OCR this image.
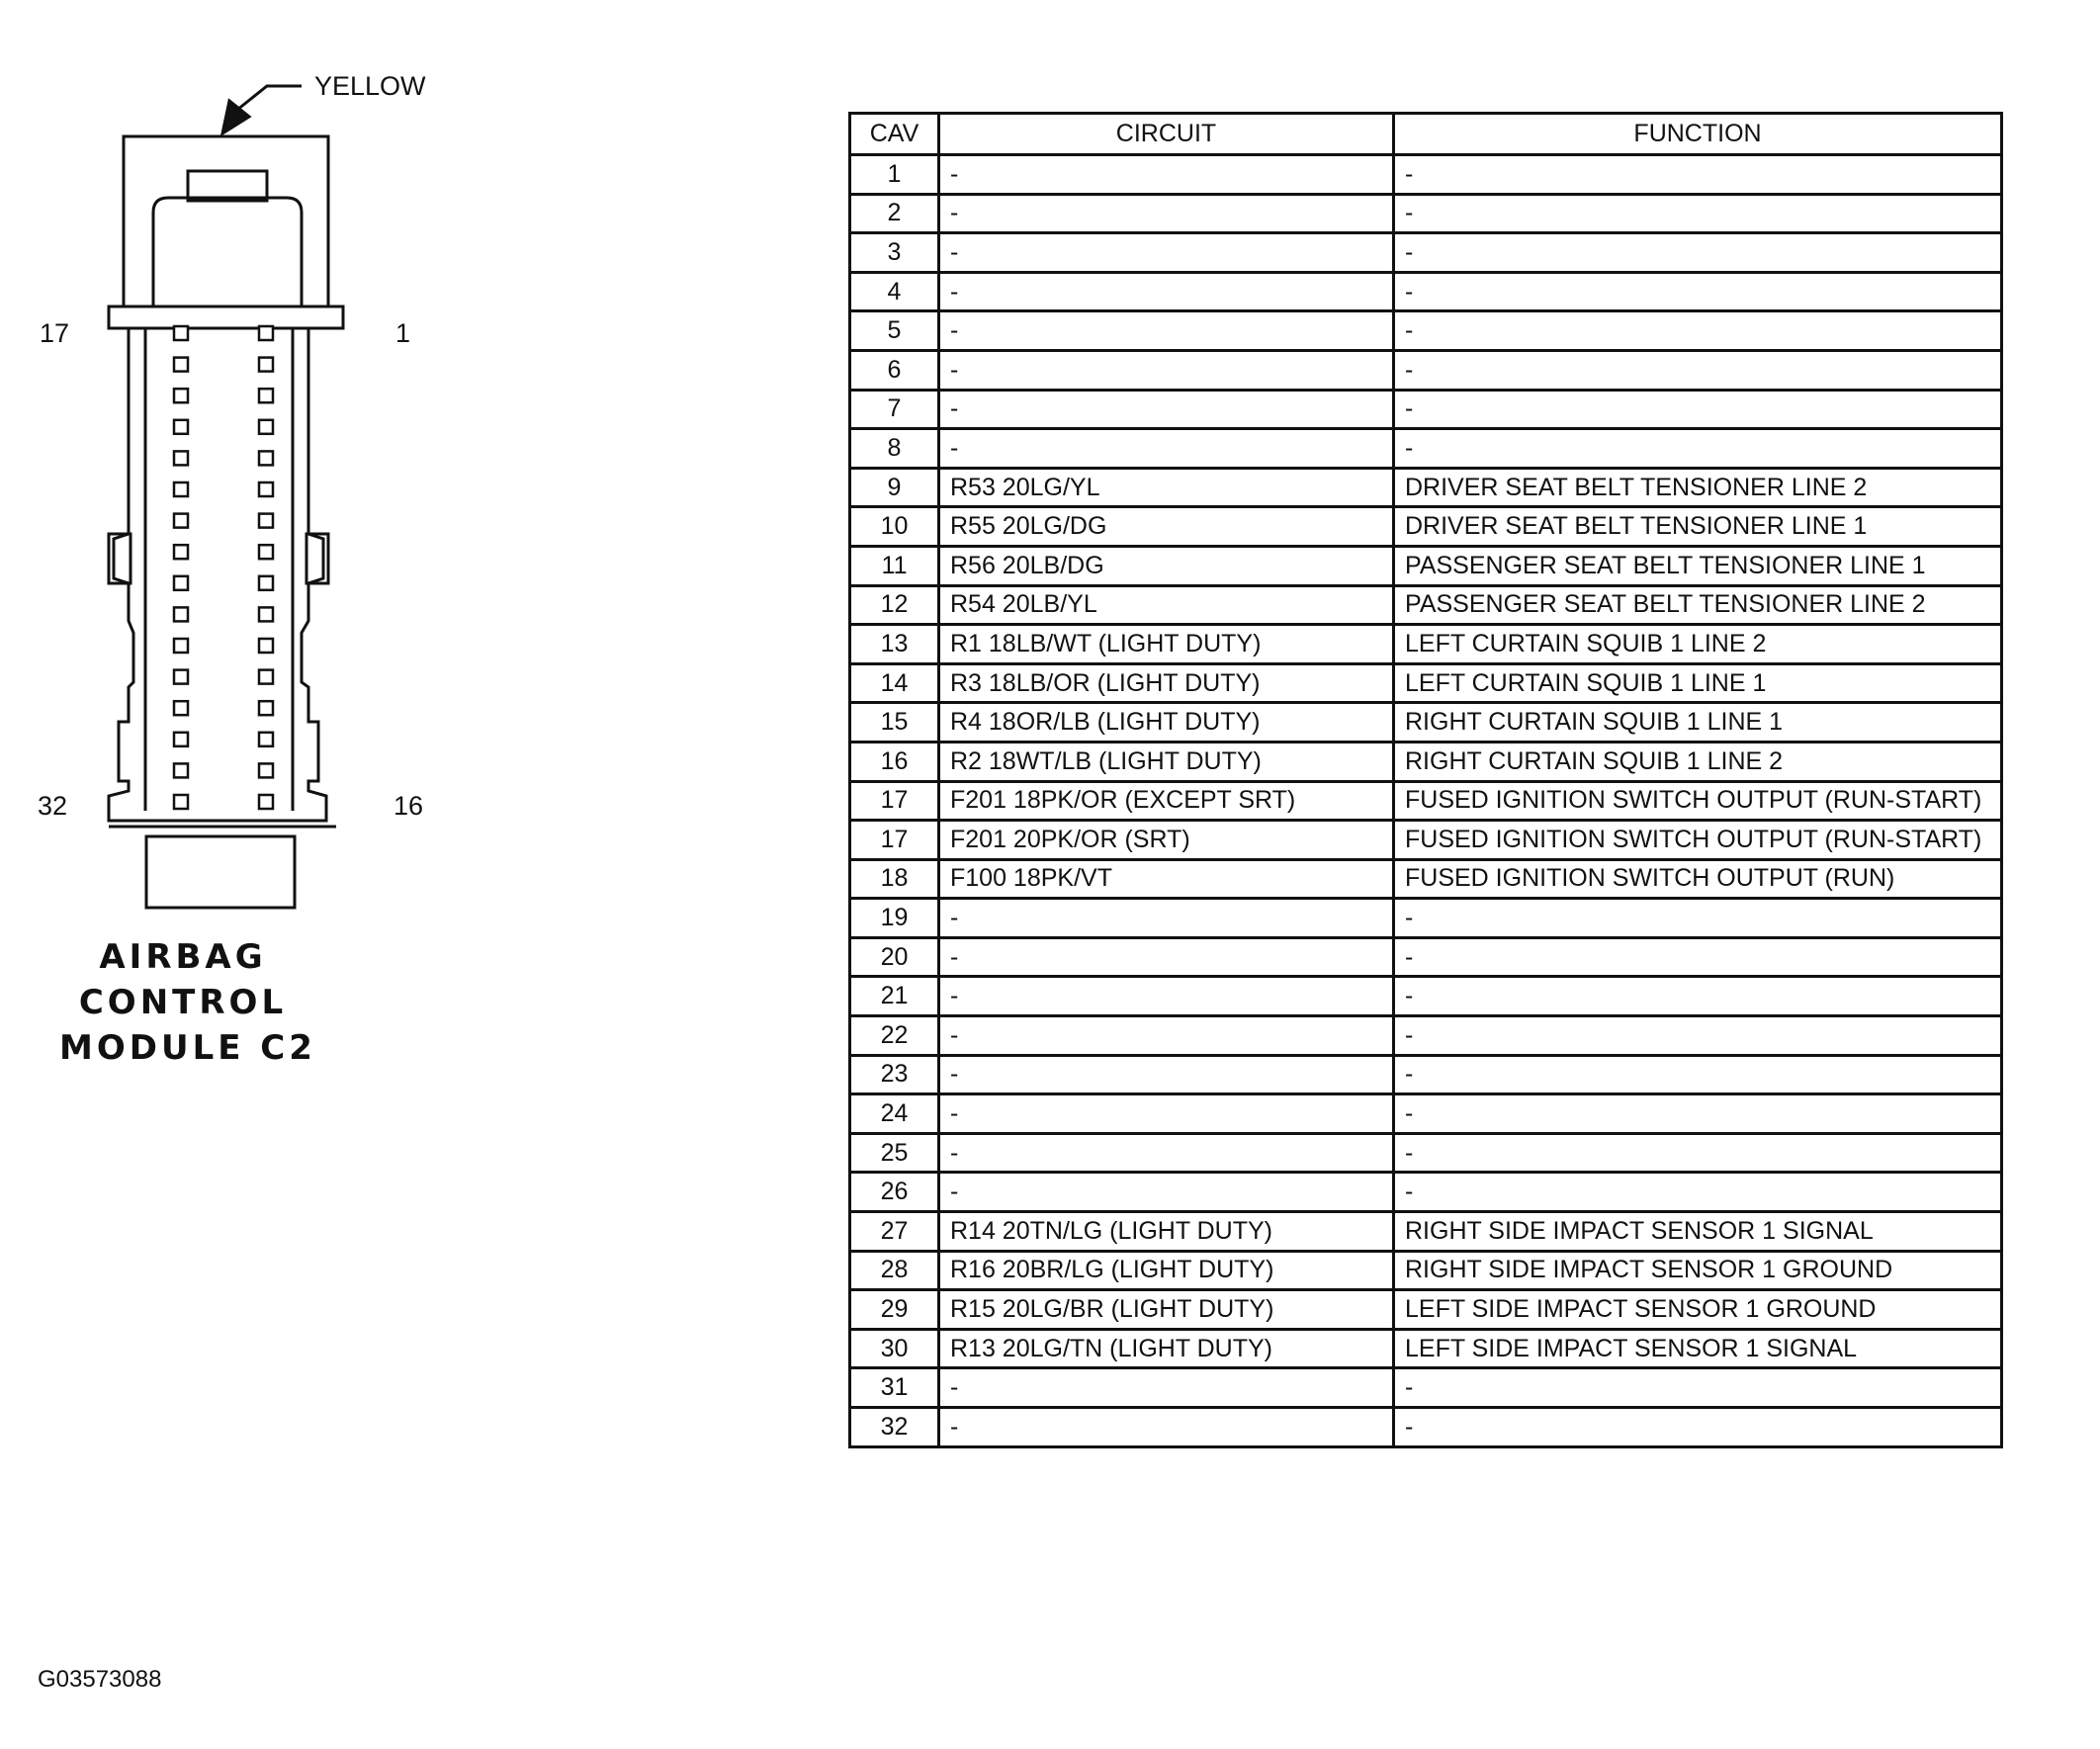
YELLOW
17	1
32	16
AIRBAG
CONTROL
MODULE C2
CAV	CIRCUIT	FUNCTION
1	-	-
2	-	-
3	-	-
4	-	-
5	-	-
6	-	-
7	-	-
8	-	-
9	R53 20LG/YL	DRIVER SEAT BELT TENSIONER LINE 2
10	R55 20LG/DG	DRIVER SEAT BELT TENSIONER LINE 1
11	R56 20LB/DG	PASSENGER SEAT BELT TENSIONER LINE 1
12	R54 20LB/YL	PASSENGER SEAT BELT TENSIONER LINE 2
13	R1 18LB/WT (LIGHT DUTY)	LEFT CURTAIN SQUIB 1 LINE 2
14	R3 18LB/OR (LIGHT DUTY)	LEFT CURTAIN SQUIB 1 LINE 1
15	R4 18OR/LB (LIGHT DUTY)	RIGHT CURTAIN SQUIB 1 LINE 1
16	R2 18WT/LB (LIGHT DUTY)	RIGHT CURTAIN SQUIB 1 LINE 2
17	F201 18PK/OR (EXCEPT SRT)	FUSED IGNITION SWITCH OUTPUT (RUN-START)
17	F201 20PK/OR (SRT)	FUSED IGNITION SWITCH OUTPUT (RUN-START)
18	F100 18PK/VT	FUSED IGNITION SWITCH OUTPUT (RUN)
19	-	-
20	-	-
21	-	-
22	-	-
23	-	-
24	-	-
25	-	-
26	-	-
27	R14 20TN/LG (LIGHT DUTY)	RIGHT SIDE IMPACT SENSOR 1 SIGNAL
28	R16 20BR/LG (LIGHT DUTY)	RIGHT SIDE IMPACT SENSOR 1 GROUND
29	R15 20LG/BR (LIGHT DUTY)	LEFT SIDE IMPACT SENSOR 1 GROUND
30	R13 20LG/TN (LIGHT DUTY)	LEFT SIDE IMPACT SENSOR 1 SIGNAL
31	-	-
32	-	-
G03573088
